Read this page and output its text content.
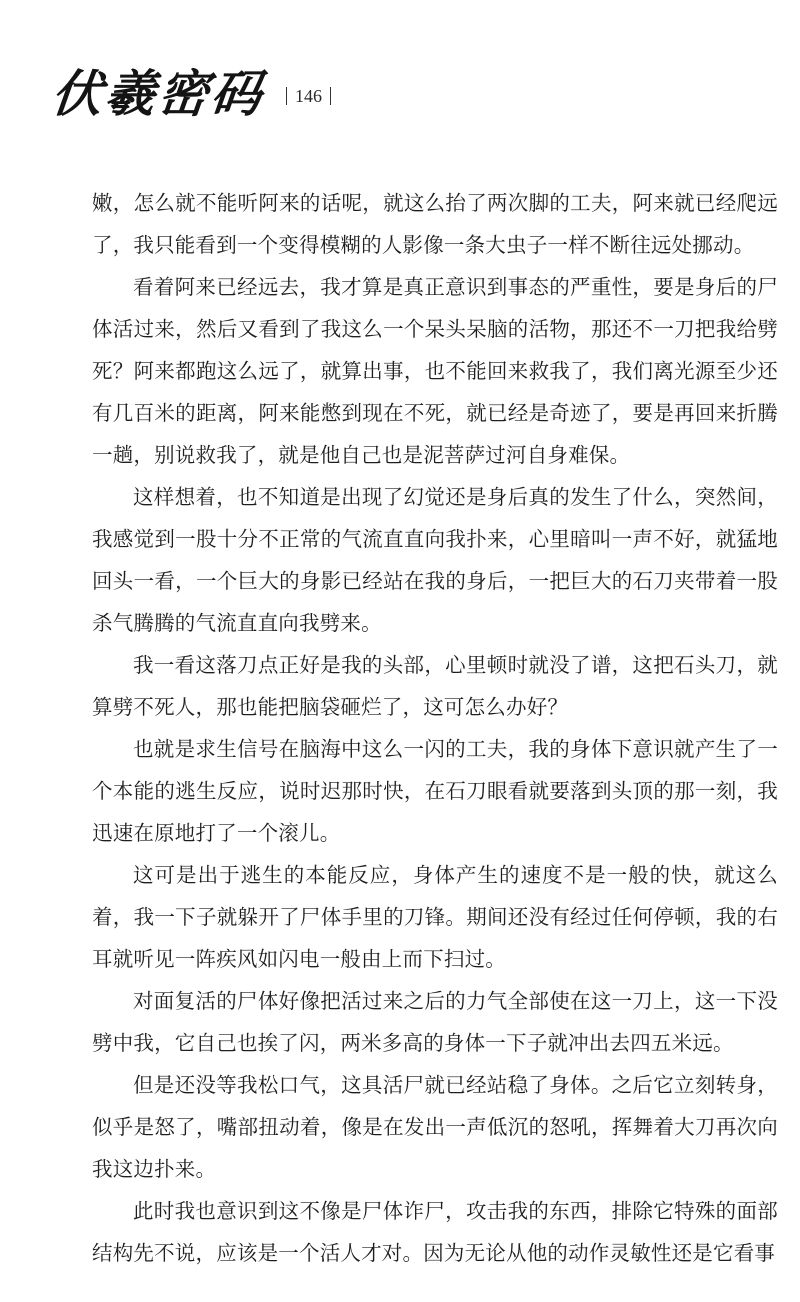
伏羲密码 146

嫩，怎么就不能听阿来的话呢，就这么抬了两次脚的工夫，阿来就已经爬远了，我只能看到一个变得模糊的人影像一条大虫子一样不断往远处挪动。

看着阿来已经远去，我才算是真正意识到事态的严重性，要是身后的尸体活过来，然后又看到了我这么一个呆头呆脑的活物，那还不一刀把我给劈死？阿来都跑这么远了，就算出事，也不能回来救我了，我们离光源至少还有几百米的距离，阿来能憋到现在不死，就已经是奇迹了，要是再回来折腾一趟，别说救我了，就是他自己也是泥菩萨过河自身难保。

这样想着，也不知道是出现了幻觉还是身后真的发生了什么，突然间，我感觉到一股十分不正常的气流直直向我扑来，心里暗叫一声不好，就猛地回头一看，一个巨大的身影已经站在我的身后，一把巨大的石刀夹带着一股杀气腾腾的气流直直向我劈来。

我一看这落刀点正好是我的头部，心里顿时就没了谱，这把石头刀，就算劈不死人，那也能把脑袋砸烂了，这可怎么办好？

也就是求生信号在脑海中这么一闪的工夫，我的身体下意识就产生了一个本能的逃生反应，说时迟那时快，在石刀眼看就要落到头顶的那一刻，我迅速在原地打了一个滚儿。

这可是出于逃生的本能反应，身体产生的速度不是一般的快，就这么着，我一下子就躲开了尸体手里的刀锋。期间还没有经过任何停顿，我的右耳就听见一阵疾风如闪电一般由上而下扫过。

对面复活的尸体好像把活过来之后的力气全部使在这一刀上，这一下没劈中我，它自己也挨了闪，两米多高的身体一下子就冲出去四五米远。

但是还没等我松口气，这具活尸就已经站稳了身体。之后它立刻转身，似乎是怒了，嘴部扭动着，像是在发出一声低沉的怒吼，挥舞着大刀再次向我这边扑来。

此时我也意识到这不像是尸体诈尸，攻击我的东西，排除它特殊的面部结构先不说，应该是一个活人才对。因为无论从他的动作灵敏性还是它看事
